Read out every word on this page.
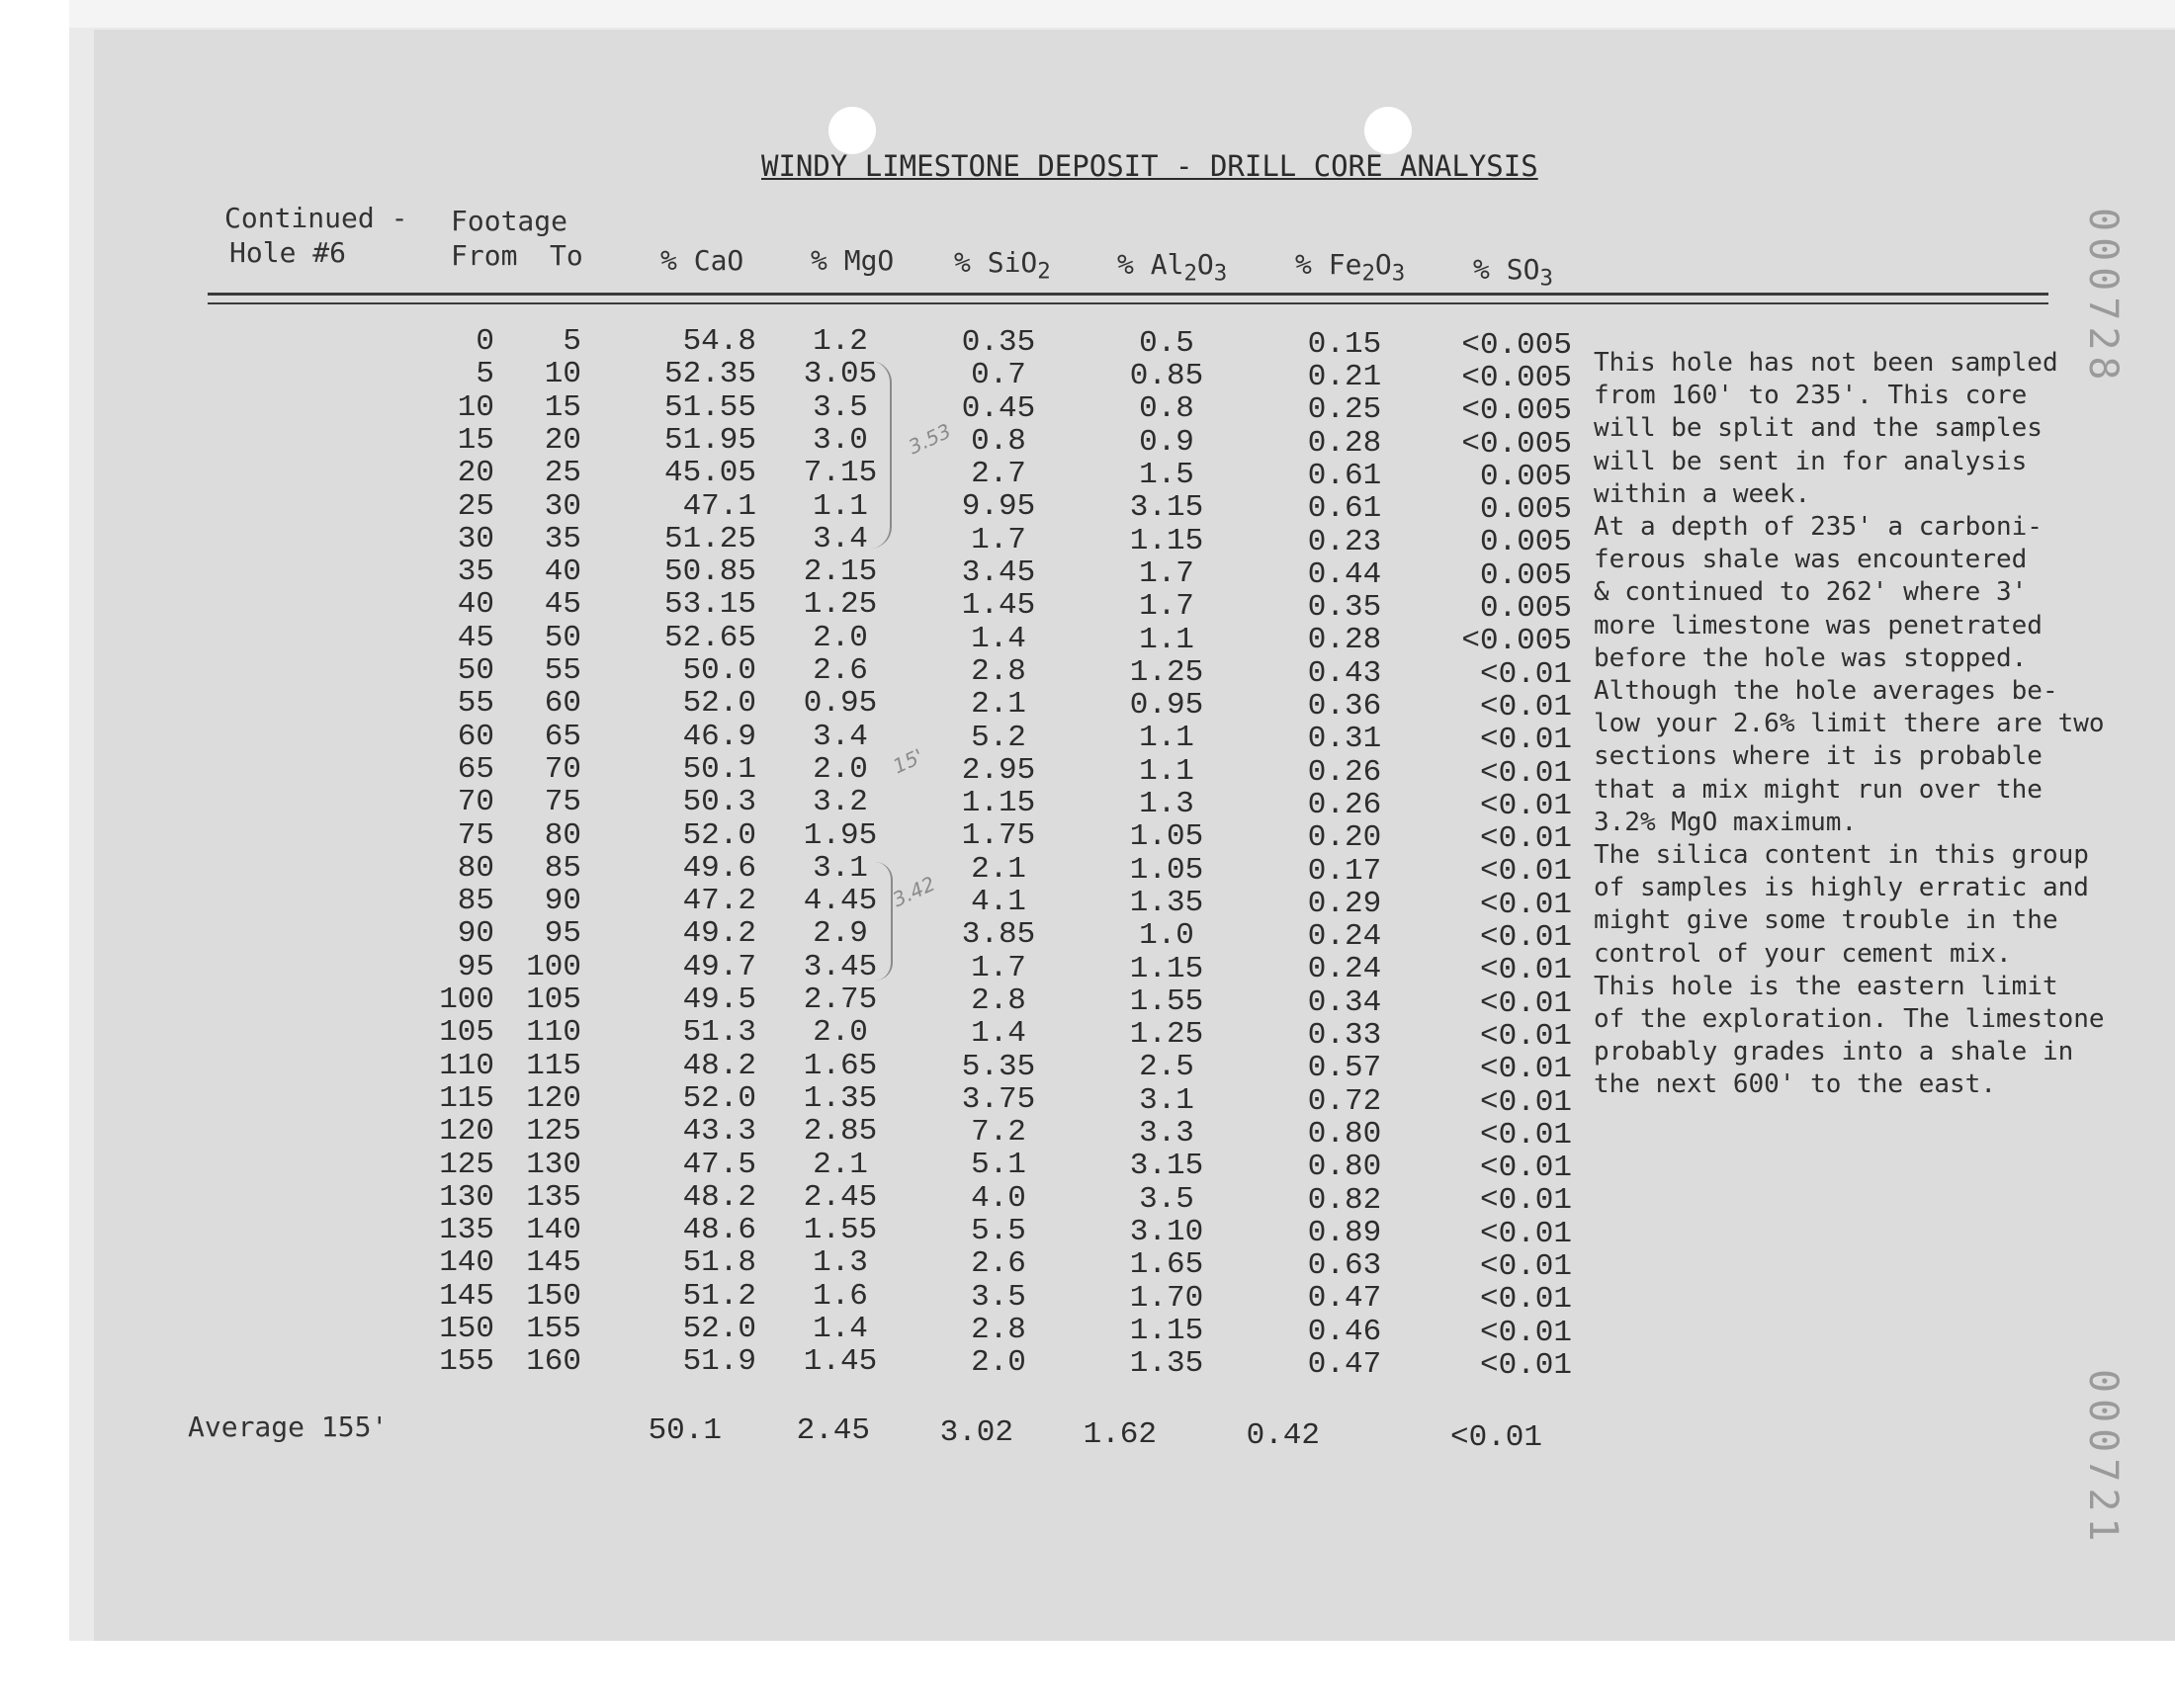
WINDY LIMESTONE DEPOSIT - DRILL CORE ANALYSIS
Continued -
Hole #6
Footage
From To	% CaO % MgO % SiO$_2$ % $Al_2O_3$ % $Fe_2O_3$ % $SO_3$
0	5	54.8	1.2	0.35	0.5	0.15	<0.005
5	10	52.35	3.05	0.7	0.85	0.21	<0.005
10	15	51.55	3.5	0.45	0.8	0.25	<0.005
15	20	51.95	3.0	0.8	0.9	0.28	<0.005
20	25	45.05	7.15	2.7	1.5	0.61	0.005
25	30	47.1	1.1	9.95	3.15	0.61	0.005
30	35	51.25	3.4	1.7	1.15	0.23	0.005
35	40	50.85	2.15	3.45	1.7	0.44	0.005
40	45	53.15	1.25	1.45	1.7	0.35	0.005
45	50	52.65	2.0	1.4	1.1	0.28	<0.005
50	55	50.0	2.6	2.8	1.25	0.43	<0.01
55	60	52.0	0.95	2.1	0.95	0.36	<0.01
60	65	46.9	3.4	5.2	1.1	0.31	<0.01
65	70	50.1	2.0	2.95	1.1	0.26	<0.01
70	75	50.3	3.2	1.15	1.3	0.26	<0.01
75	80	52.0	1.95	1.75	1.05	0.20	<0.01
80	85	49.6	3.1	2.1	1.05	0.17	<0.01
85	90	47.2	4.45	4.1	1.35	0.29	<0.01
90	95	49.2	2.9	3.85	1.0	0.24	<0.01
95	100	49.7	3.45	1.7	1.15	0.24	<0.01
100	105	49.5	2.75	2.8	1.55	0.34	<0.01
105	110	51.3	2.0	1.4	1.25	0.33	<0.01
110	115	48.2	1.65	5.35	2.5	0.57	<0.01
115	120	52.0	1.35	3.75	3.1	0.72	<0.01
120	125	43.3	2.85	7.2	3.3	0.80	<0.01
125	130	47.5	2.1	5.1	3.15	0.80	<0.01
130	135	48.2	2.45	4.0	3.5	0.82	<0.01
135	140	48.6	1.55	5.5	3.10	0.89	<0.01
140	145	51.8	1.3	2.6	1.65	0.63	<0.01
145	150	51.2	1.6	3.5	1.70	0.47	<0.01
150	155	52.0	1.4	2.8	1.15	0.46	<0.01
155	160	51.9	1.45	2.0	1.35	0.47	<0.01
Average 155'	50.1	2.45	3.02	1.62	0.42	<0.01
This hole has not been sampled
from 160' to 235'. This core
will be split and the samples
will be sent in for analysis
within a week.
At a depth of 235' a carboni-
ferous shale was encountered
& continued to 262' where 3'
more limestone was penetrated
before the hole was stopped.
Although the hole averages be-
low your 2.6% limit there are two
sections where it is probable
that a mix might run over the
3.2% MgO maximum.
The silica content in this group
of samples is highly erratic and
might give some trouble in the
control of your cement mix.
This hole is the eastern limit
of the exploration. The limestone
probably grades into a shale in
the next 600' to the east.
3.53
15'
3.42
000728
000721
